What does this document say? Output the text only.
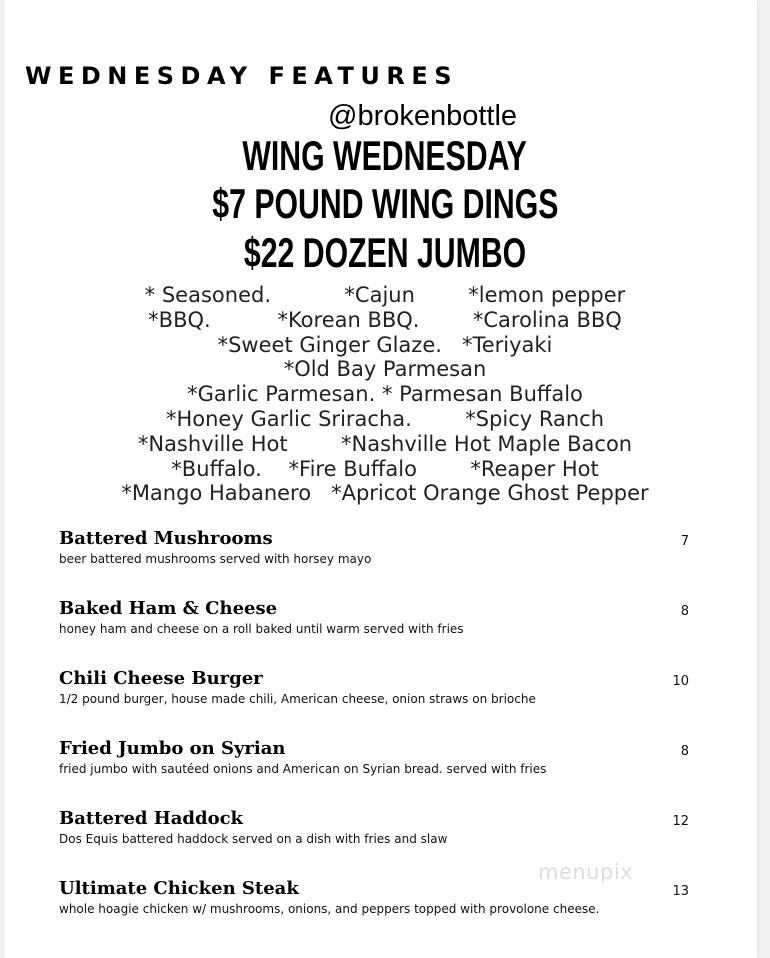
WEDNESDAY FEATURES
@brokenbottle
WING WEDNESDAY
$7 POUND WING DINGS
$22 DOZEN JUMBO
* Seasoned.           *Cajun        *lemon pepper
*BBQ.          *Korean BBQ.        *Carolina BBQ
*Sweet Ginger Glaze.   *Teriyaki
*Old Bay Parmesan
*Garlic Parmesan. * Parmesan Buffalo
*Honey Garlic Sriracha.        *Spicy Ranch
*Nashville Hot        *Nashville Hot Maple Bacon
*Buffalo.    *Fire Buffalo        *Reaper Hot
*Mango Habanero   *Apricot Orange Ghost Pepper
Battered Mushrooms
beer battered mushrooms served with horsey mayo
7
Baked Ham & Cheese
honey ham and cheese on a roll baked until warm served with fries
8
Chili Cheese Burger
1/2 pound burger, house made chili, American cheese, onion straws on brioche
10
Fried Jumbo on Syrian
fried jumbo with sautéed onions and American on Syrian bread. served with fries
8
Battered Haddock
Dos Equis battered haddock served on a dish with fries and slaw
12
Ultimate Chicken Steak
whole hoagie chicken w/ mushrooms, onions, and peppers topped with provolone cheese.
13
menupix
